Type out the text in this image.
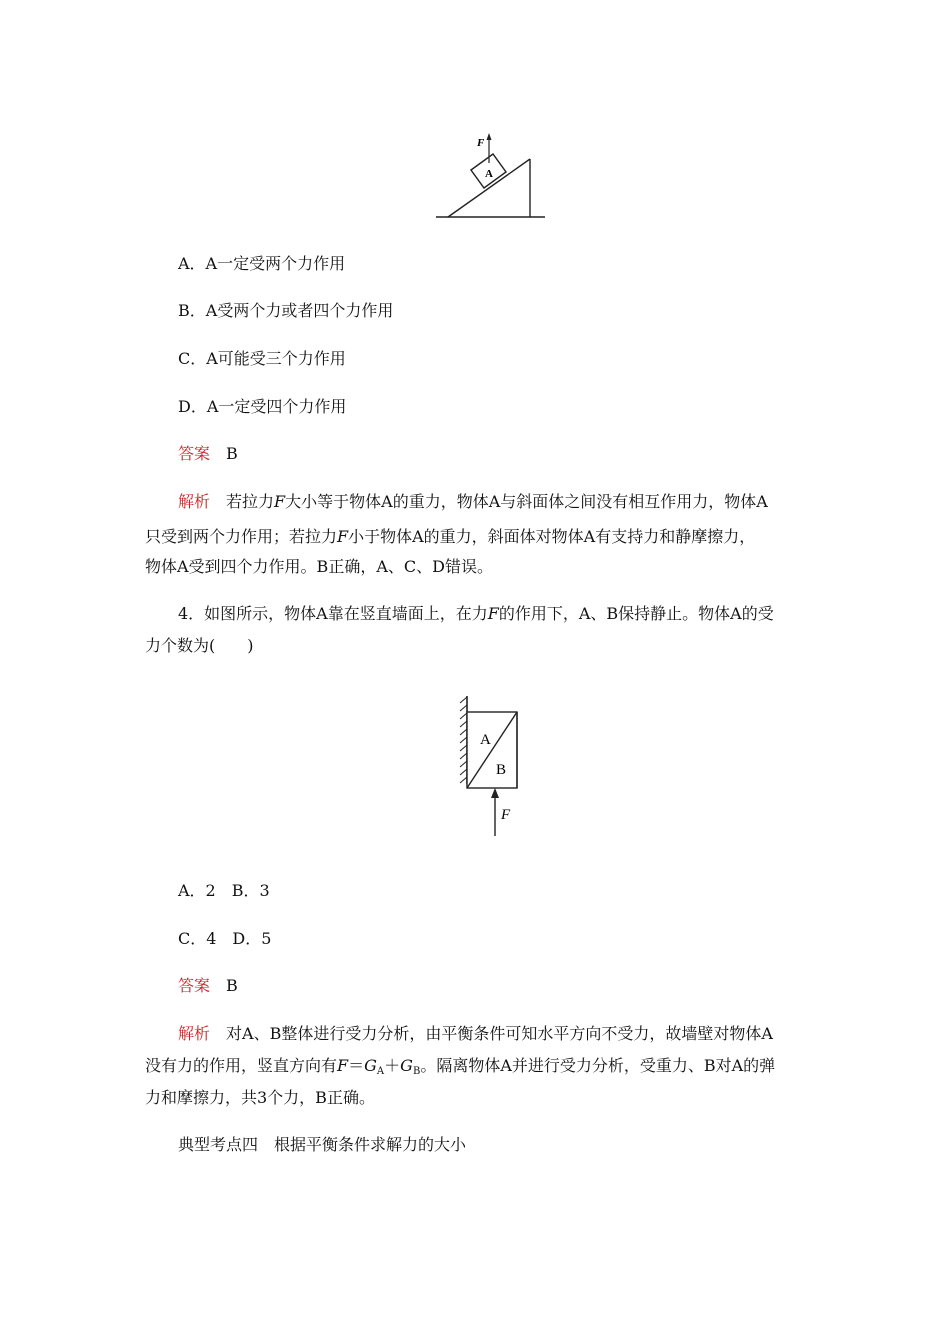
F
A
A．A一定受两个力作用
B．A受两个力或者四个力作用
C．A可能受三个力作用
D．A一定受四个力作用
答案　 B
解析　 若拉力F大小等于物体A的重力，物体A与斜面体之间没有相互作用力，物体A
只受到两个力作用；若拉力F小于物体A的重力，斜面体对物体A有支持力和静摩擦力，
物体A受到四个力作用。B正确，A、C、D错误。
4．如图所示，物体A靠在竖直墙面上，在力F的作用下，A、B保持静止。物体A的受
力个数为(　　)
A
B
F
A．2　B．3
C．4　D．5
答案　 B
解析　 对A、B整体进行受力分析，由平衡条件可知水平方向不受力，故墙壁对物体A
没有力的作用，竖直方向有$F=G_A+G_B$。隔离物体A并进行受力分析，受重力、B对A的弹
力和摩擦力，共3个力，B正确。
典型考点四　根据平衡条件求解力的大小
